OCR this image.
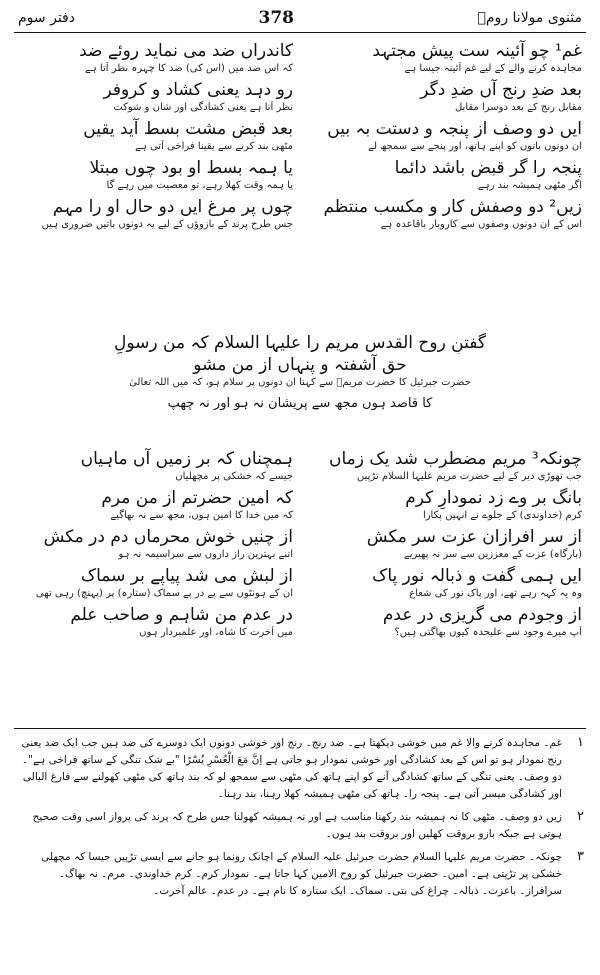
مثنوی مولانا رومؒ
378
دفتر سوم
غم¹ چو آئینہ ست پیش مجتہد
مجاہدہ کرنے والے کے لیے غم آئینہ جیسا ہے
بعد ضدِ رنج آں ضدِ دگر
مقابل رنج کے بعد دوسرا مقابل
ایں دو وصف از پنجہ و دستت بہ بیں
ان دونوں باتوں کو اپنے ہاتھ، اور پنجے سے سمجھ لے
پنجہ را گر قبض باشد دائما
اگر مٹھی ہمیشہ بند رہے
زیں² دو وصفش کار و مکسب منتظم
اس کے ان دونوں وصفوں سے کاروبار باقاعدہ ہے
کاندراں ضد می نماید روئے ضد
کہ اس ضد میں (اس کی) ضد کا چہرہ نظر آتا ہے
رو دہد یعنی کشاد و کروفر
نظر آتا ہے یعنی کشادگی اور شان و شوکت
بعد قبض مشت بسط آید یقیں
مٹھی بند کرنے سے یقینا فراخی آتی ہے
یا ہمہ بسط او بود چوں مبتلا
یا ہمہ وقت کھلا رہے، تو معصیت میں رہے گا
چوں پر مرغ ایں دو حال او را مہم
جس طرح پرند کے بازوؤں کے لیے یہ دونوں باتیں ضروری ہیں
گفتنِ روح القدس مریم را علیہا السلام کہ من رسولِ
حق آشفتہ و پنہاں از من مشو
حضرت جبرئیل کا حضرت مریمؑ سے کہنا ان دونوں پر سلام ہو، کہ میں اللہ تعالیٰ
کا قاصد ہوں مجھ سے پریشان نہ ہو اور نہ چھپ
چونکہ³ مریم مضطرب شد یک زماں
جب تھوڑی دیر کے لیے حضرت مریم علیہا السلام تڑپیں
بانگ بر وے زد نمودارِ کرم
کرم (خداوندی) کے جلوے نے انہیں پکارا
از سر افرازان عزت سر مکش
(بارگاہ) عزت کے معززین سے سر نہ پھیریے
ایں ہمی گفت و ذبالہ نور پاک
وہ یہ کہہ رہے تھے، اور پاک نور کی شعاع
از وجودم می گریزی در عدم
آپ میرے وجود سے علیحدہ کیوں بھاگتی ہیں؟
ہمچناں کہ بر زمیں آں ماہیاں
جیسے کہ خشکی پر مچھلیاں
کہ امین حضرتم از من مرم
کہ میں خدا کا امین ہوں، مجھ سے نہ بھاگیے
از چنیں خوش محرماں دم در مکش
اتنے بہترین راز داروں سے سراسیمہ نہ ہو
از لبش می شد پیاپے بر سماک
ان کے ہونٹوں سے پے در پے سماک (ستارہ) پر (پہنچ) رہی تھی
در عدم من شاہم و صاحب علم
میں آخرت کا شاہ، اور علمبردار ہوں
۱
غم۔ مجاہدہ کرنے والا غم میں خوشی دیکھتا ہے۔ ضد رنج۔ رنج اور خوشی دونوں ایک دوسرے کی ضد ہیں جب ایک ضد یعنی رنج نمودار ہو تو اس کے بعد کشادگی اور خوشی نمودار ہو جاتی ہے اِنَّ مَعَ الْعُسْرِ یُسْرًا "بے شک تنگی کے ساتھ فراخی ہے"۔ دو وصف۔ یعنی تنگی کے ساتھ کشادگی آنے کو اپنے ہاتھ کی مٹھی سے سمجھ لو کہ بند ہاتھ کی مٹھی کھولنے سے فارغ البالی اور کشادگی میسر آتی ہے۔ پنجہ را۔ ہاتھ کی مٹھی ہمیشہ کھلا رہنا، بند رہنا۔
۲
زیں دو وصف۔ مٹھی کا نہ ہمیشہ بند رکھنا مناسب ہے اور نہ ہمیشہ کھولنا جس طرح کہ پرند کی پرواز اسی وقت صحیح ہوتی ہے جبکہ بازو بروقت کھلیں اور بروقت بند ہوں۔
۳
چونکہ۔ حضرت مریم علیہا السلام حضرت جبرئیل علیہ السلام کے اچانک رونما ہو جانے سے ایسی تڑپیں جیسا کہ مچھلی خشکی پر تڑپتی ہے۔ امین۔ حضرت جبرئیل کو روح الامین کہا جاتا ہے۔ نمودار کرم۔ کرم خداوندی۔ مرم۔ نہ بھاگ۔ سرافراز۔ باعزت۔ ذبالہ۔ چراغ کی بتی۔ سماک۔ ایک ستارہ کا نام ہے۔ در عدم۔ عالم آخرت۔
